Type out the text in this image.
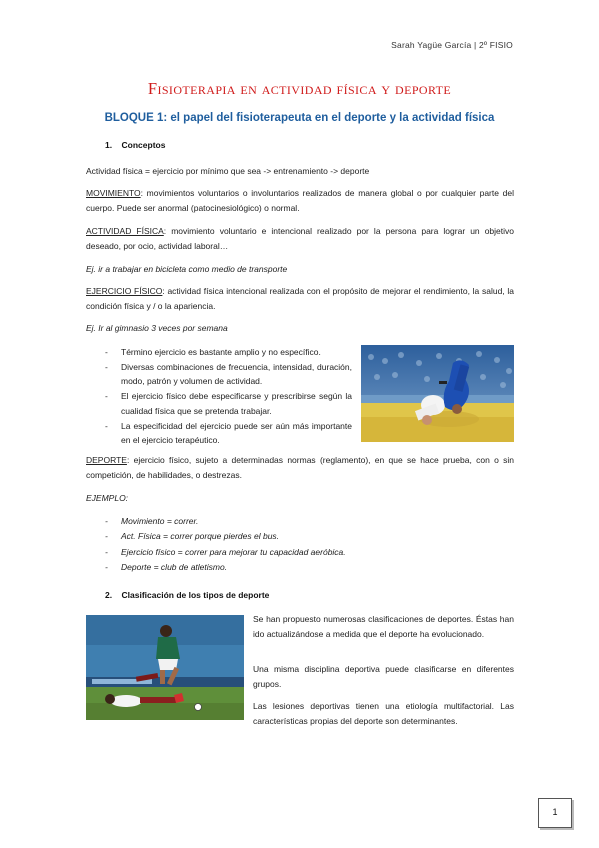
Sarah Yagüe García | 2º FISIO
Fisioterapia en actividad física y deporte
BLOQUE 1: el papel del fisioterapeuta en el deporte y la actividad física
1.    Conceptos
Actividad física = ejercicio por mínimo que sea -> entrenamiento -> deporte
MOVIMIENTO: movimientos voluntarios o involuntarios realizados de manera global o por cualquier parte del cuerpo. Puede ser anormal (patocinesiológico) o normal.
ACTIVIDAD FÍSICA: movimiento voluntario e intencional realizado por la persona para lograr un objetivo deseado, por ocio, actividad laboral…
Ej. ir a trabajar en bicicleta como medio de transporte
EJERCICIO FÍSICO: actividad física intencional realizada con el propósito de mejorar el rendimiento, la salud, la condición física y / o la apariencia.
Ej. Ir al gimnasio 3 veces por semana
- Término ejercicio es bastante amplio y no específico.
- Diversas combinaciones de frecuencia, intensidad, duración, modo, patrón y volumen de actividad.
- El ejercicio físico debe especificarse y prescribirse según la cualidad física que se pretenda trabajar.
- La especificidad del ejercicio puede ser aún más importante en el ejercicio terapéutico.
DEPORTE: ejercicio físico, sujeto a determinadas normas (reglamento), en que se hace prueba, con o sin competición, de habilidades, o destrezas.
EJEMPLO:
- Movimiento = correr.
- Act. Física = correr porque pierdes el bus.
- Ejercicio físico = correr para mejorar tu capacidad aeróbica.
- Deporte = club de atletismo.
2.    Clasificación de los tipos de deporte
Se han propuesto numerosas clasificaciones de deportes. Éstas han ido actualizándose a medida que el deporte ha evolucionado.
Una misma disciplina deportiva puede clasificarse en diferentes grupos.
Las lesiones deportivas tienen una etiología multifactorial. Las características propias del deporte son determinantes.
1
